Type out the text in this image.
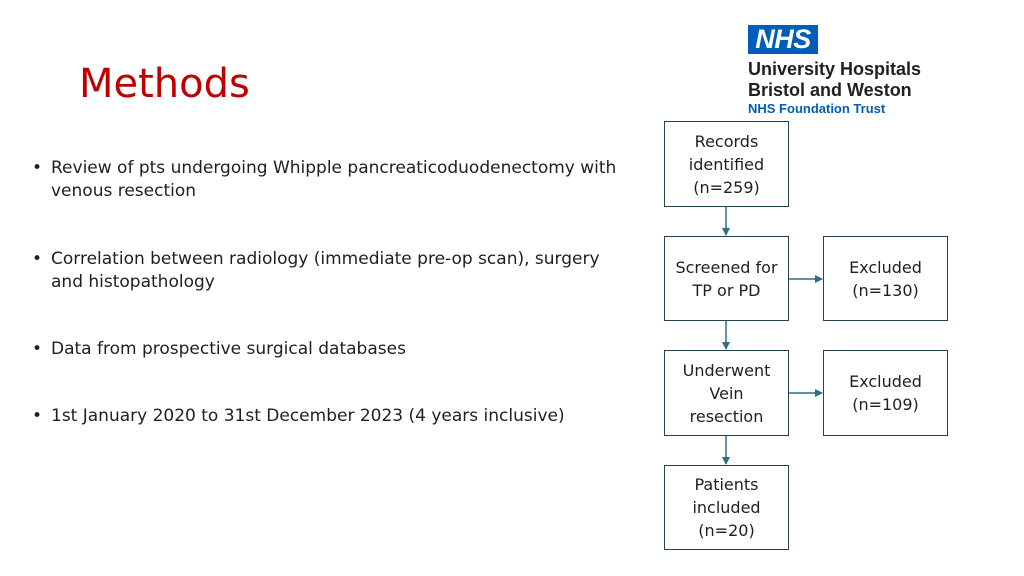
Methods
NHS
University Hospitals
Bristol and Weston
NHS Foundation Trust
• Review of pts undergoing Whipple pancreaticoduodenectomy with venous resection
• Correlation between radiology (immediate pre-op scan), surgery and histopathology
• Data from prospective surgical databases
• 1st January 2020 to 31st December 2023 (4 years inclusive)
Records
identified
(n=259)
Screened for
TP or PD
Excluded
(n=130)
Underwent
Vein
resection
Excluded
(n=109)
Patients
included
(n=20)
